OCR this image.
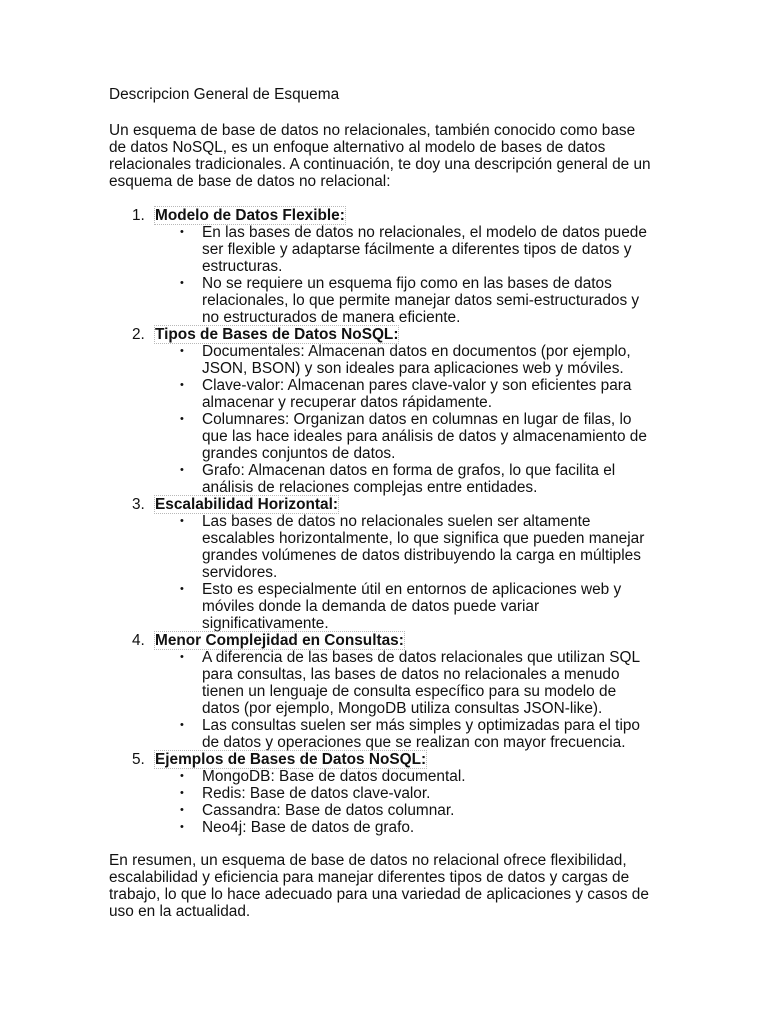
Descripcion General de Esquema

Un esquema de base de datos no relacionales, también conocido como base

de datos NoSQL, es un enfoque alternativo al modelo de bases de datos

relacionales tradicionales. A continuación, te doy una descripción general de un

esquema de base de datos no relacional:

1. Modelo de Datos Flexible:
• En las bases de datos no relacionales, el modelo de datos puede
ser flexible y adaptarse fácilmente a diferentes tipos de datos y
estructuras.
• No se requiere un esquema fijo como en las bases de datos
relacionales, lo que permite manejar datos semi-estructurados y
no estructurados de manera eficiente.
2. Tipos de Bases de Datos NoSQL:
• Documentales: Almacenan datos en documentos (por ejemplo,
JSON, BSON) y son ideales para aplicaciones web y móviles.
• Clave-valor: Almacenan pares clave-valor y son eficientes para
almacenar y recuperar datos rápidamente.
• Columnares: Organizan datos en columnas en lugar de filas, lo
que las hace ideales para análisis de datos y almacenamiento de
grandes conjuntos de datos.
• Grafo: Almacenan datos en forma de grafos, lo que facilita el
análisis de relaciones complejas entre entidades.
3. Escalabilidad Horizontal:
• Las bases de datos no relacionales suelen ser altamente
escalables horizontalmente, lo que significa que pueden manejar
grandes volúmenes de datos distribuyendo la carga en múltiples
servidores.
• Esto es especialmente útil en entornos de aplicaciones web y
móviles donde la demanda de datos puede variar
significativamente.
4. Menor Complejidad en Consultas:
• A diferencia de las bases de datos relacionales que utilizan SQL
para consultas, las bases de datos no relacionales a menudo
tienen un lenguaje de consulta específico para su modelo de
datos (por ejemplo, MongoDB utiliza consultas JSON-like).
• Las consultas suelen ser más simples y optimizadas para el tipo
de datos y operaciones que se realizan con mayor frecuencia.
5. Ejemplos de Bases de Datos NoSQL:
• MongoDB: Base de datos documental.
• Redis: Base de datos clave-valor.
• Cassandra: Base de datos columnar.
• Neo4j: Base de datos de grafo.

En resumen, un esquema de base de datos no relacional ofrece flexibilidad,

escalabilidad y eficiencia para manejar diferentes tipos de datos y cargas de

trabajo, lo que lo hace adecuado para una variedad de aplicaciones y casos de

uso en la actualidad.
